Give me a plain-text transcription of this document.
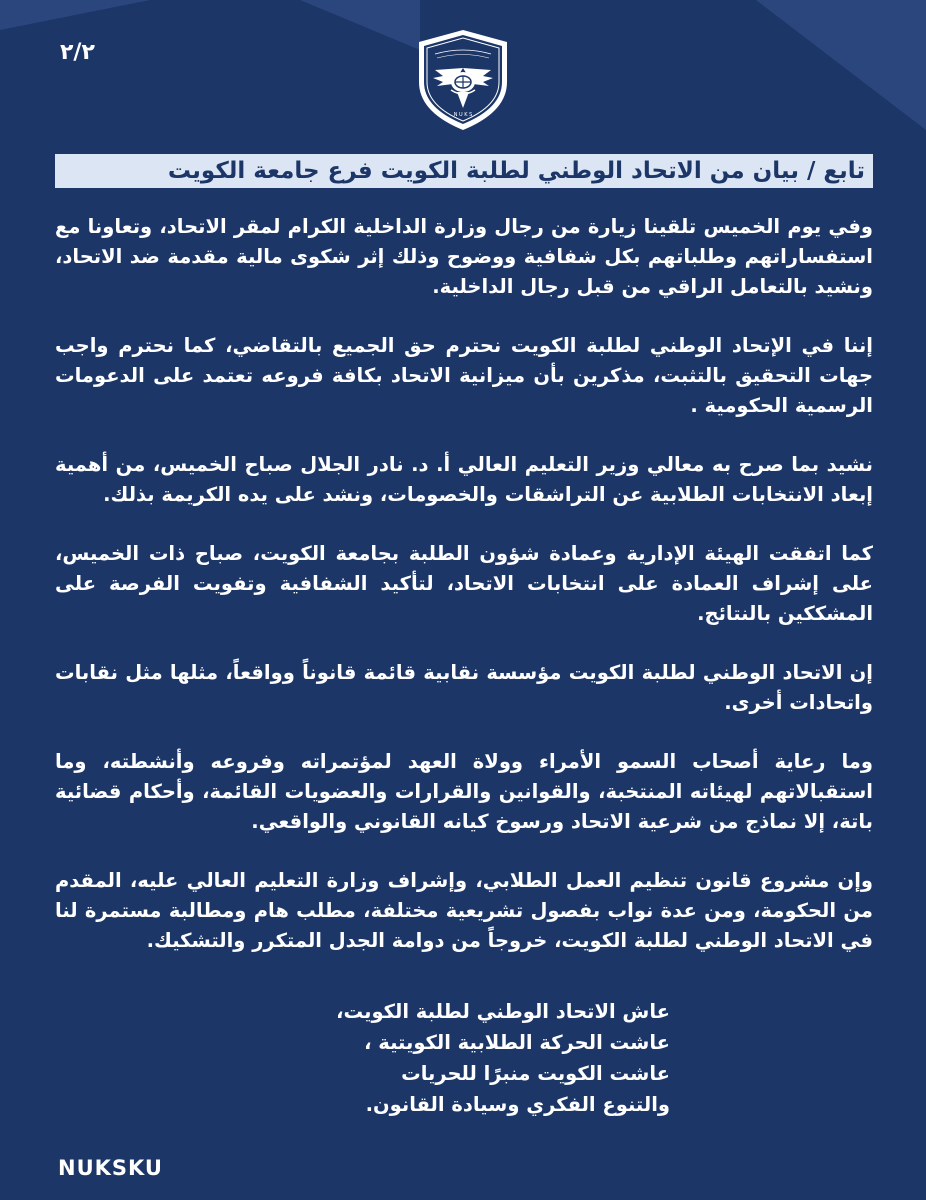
٢/٢
N U K S
تابع / بيان من الاتحاد الوطني لطلبة الكويت فرع جامعة الكويت

وفي يوم الخميس تلقينا زيارة من رجال وزارة الداخلية الكرام لمقر الاتحاد، وتعاونا مع استفساراتهم وطلباتهم بكل شفافية ووضوح وذلك إثر شكوى مالية مقدمة ضد الاتحاد، ونشيد بالتعامل الراقي من قبل رجال الداخلية.

إننا في الإتحاد الوطني لطلبة الكويت نحترم حق الجميع بالتقاضي، كما نحترم واجب جهات التحقيق بالتثبت، مذكرين بأن ميزانية الاتحاد بكافة فروعه تعتمد على الدعومات الرسمية الحكومية .

نشيد بما صرح به معالي وزير التعليم العالي أ. د. نادر الجلال صباح الخميس، من أهمية إبعاد الانتخابات الطلابية عن التراشقات والخصومات، ونشد على يده الكريمة بذلك.

كما اتفقت الهيئة الإدارية وعمادة شؤون الطلبة بجامعة الكويت، صباح ذات الخميس، على إشراف العمادة على انتخابات الاتحاد، لتأكيد الشفافية وتفويت الفرصة على المشككين بالنتائج.

إن الاتحاد الوطني لطلبة الكويت مؤسسة نقابية قائمة قانوناً وواقعاً، مثلها مثل نقابات واتحادات أخرى.

وما رعاية أصحاب السمو الأمراء وولاة العهد لمؤتمراته وفروعه وأنشطته، وما استقبالاتهم لهيئاته المنتخبة، والقوانين والقرارات والعضويات القائمة، وأحكام قضائية باتة، إلا نماذج من شرعية الاتحاد ورسوخ كيانه القانوني والواقعي.

وإن مشروع قانون تنظيم العمل الطلابي، وإشراف وزارة التعليم العالي عليه، المقدم من الحكومة، ومن عدة نواب بفصول تشريعية مختلفة، مطلب هام ومطالبة مستمرة لنا في الاتحاد الوطني لطلبة الكويت، خروجاً من دوامة الجدل المتكرر والتشكيك.

عاش الاتحاد الوطني لطلبة الكويت،
عاشت الحركة الطلابية الكويتية ،
عاشت الكويت منبرًا للحريات
والتنوع الفكري وسيادة القانون.
NUKSKU
